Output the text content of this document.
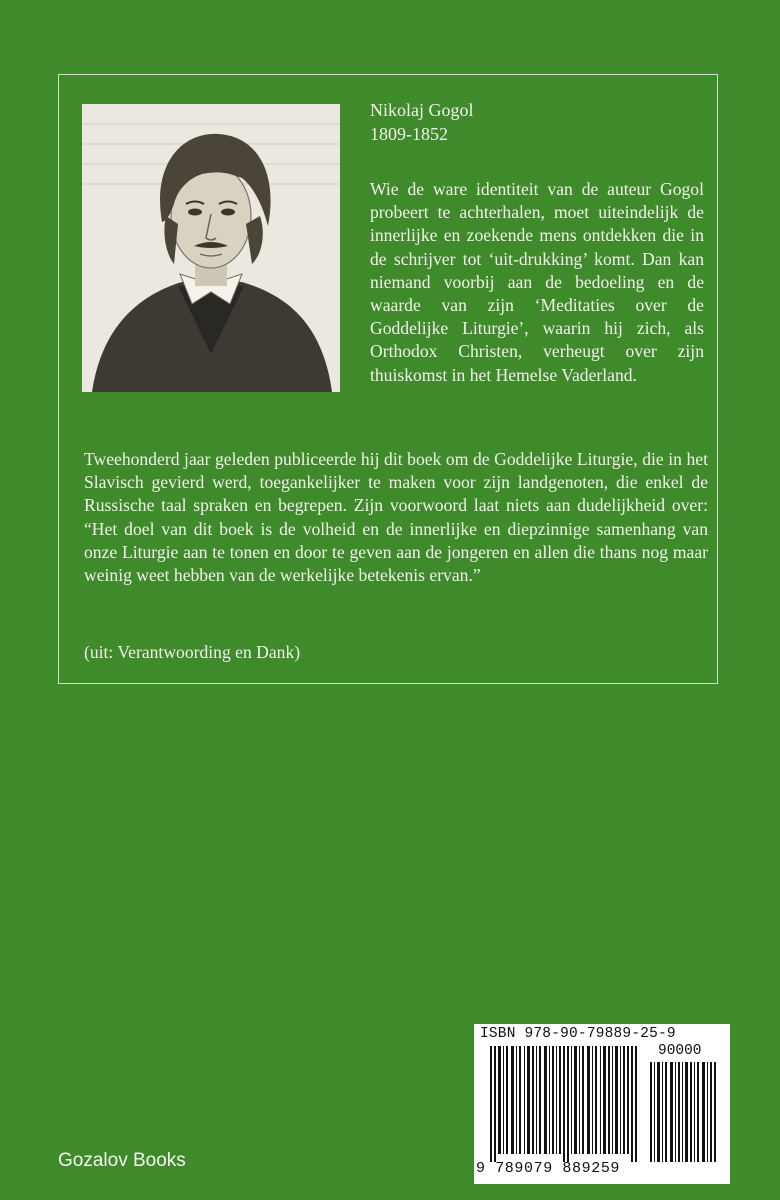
Nikolaj Gogol
1809-1852
Wie de ware identiteit van de auteur Gogol probeert te achterhalen, moet uiteindelijk de innerlijke en zoekende mens ontdekken die in de schrijver tot ‘uit-drukking’ komt. Dan kan niemand voorbij aan de bedoeling en de waarde van zijn ‘Meditaties over de Goddelijke Liturgie’, waarin hij zich, als Orthodox Christen, verheugt over zijn thuiskomst in het Hemelse Vaderland.
Tweehonderd jaar geleden publiceerde hij dit boek om de Goddelijke Liturgie, die in het Slavisch gevierd werd, toegankelijker te maken voor zijn landgenoten, die enkel de Russische taal spraken en begrepen. Zijn voorwoord laat niets aan dudelijkheid over: “Het doel van dit boek is de volheid en de innerlijke en diepzinnige samenhang van onze Liturgie aan te tonen en door te geven aan de jongeren en allen die thans nog maar weinig weet hebben van de werkelijke betekenis ervan.”
(uit: Verantwoording en Dank)
Gozalov Books
ISBN 978-90-79889-25-9
90000
9 789079 889259
